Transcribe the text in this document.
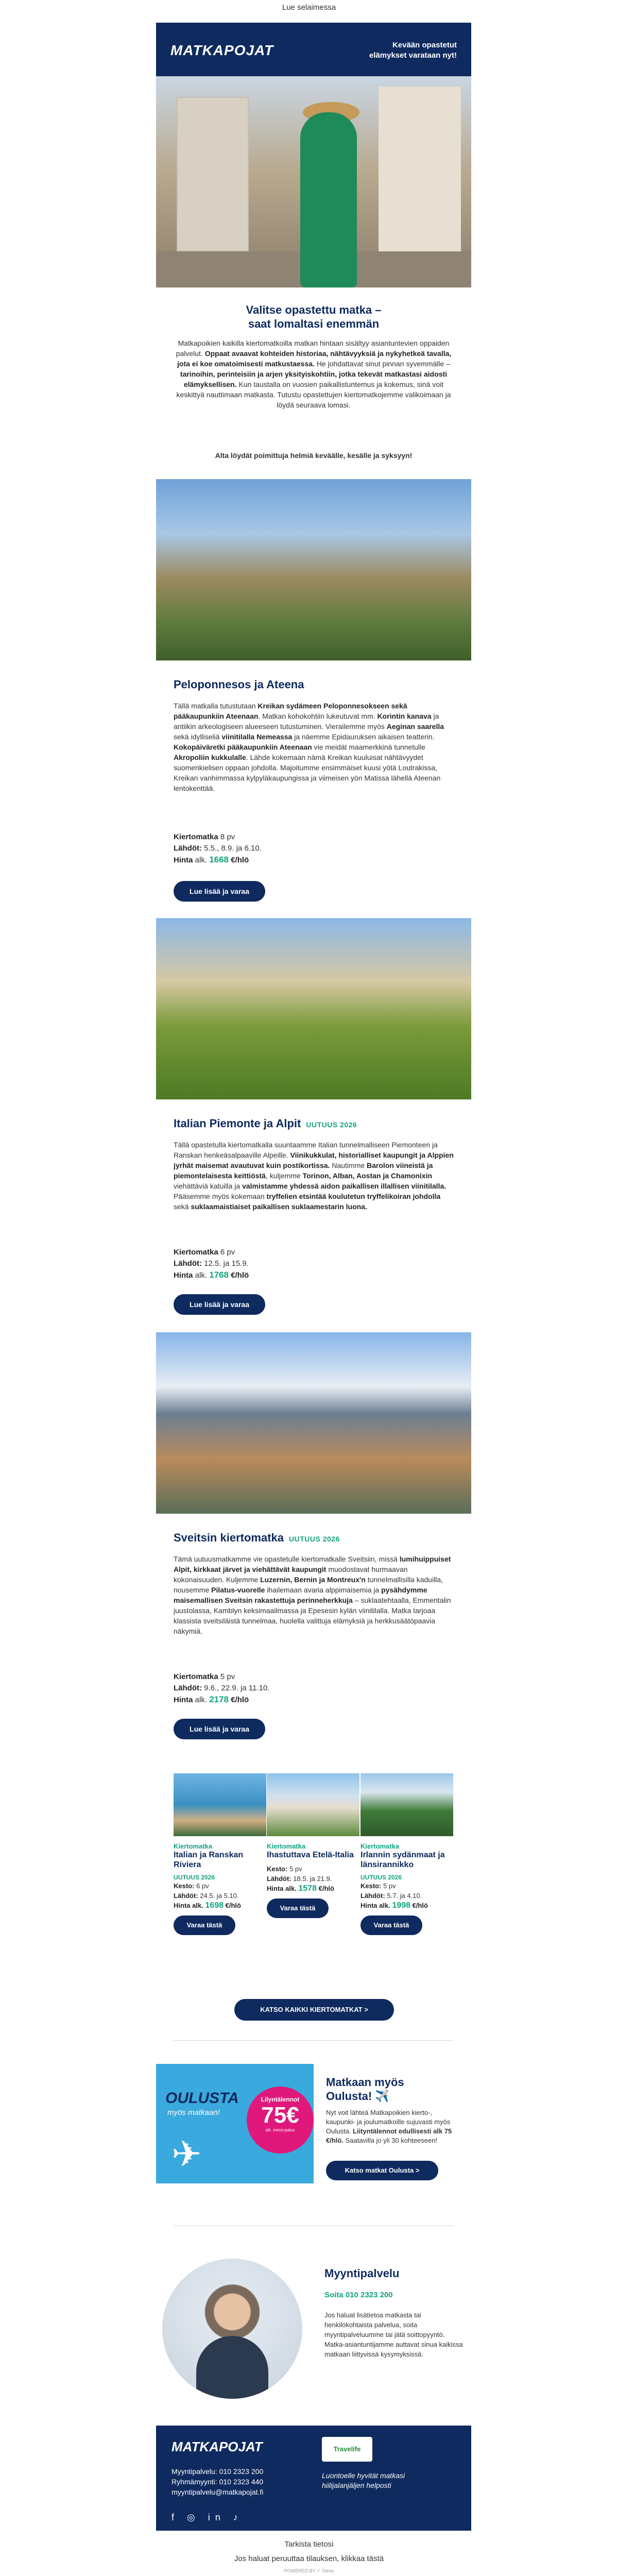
Lue selaimessa
MATKAPOJAT	Kevään opastetut elämykset varataan nyt!
Valitse opastettu matka –
saat lomaltasi enemmän
Matkapoikien kaikilla kiertomatkoilla matkan hintaan sisältyy asiantuntevien oppaiden palvelut. Oppaat avaavat kohteiden historiaa, nähtävyyksiä ja nykyhetkeä tavalla, jota ei koe omatoimisesti matkustaessa. He johdattavat sinut pinnan syvemmälle – tarinoihin, perinteisiin ja arjen yksityiskohtiin, jotka tekevät matkastasi aidosti elämyksellisen. Kun taustalla on vuosien paikallistuntemus ja kokemus, sinä voit keskittyä nauttimaan matkasta. Tutustu opastettujen kiertomatkojemme valikoimaan ja löydä seuraava lomasi.
Alta löydät poimittuja helmiä keväälle, kesälle ja syksyyn!
Peloponnesos ja Ateena
Tällä matkalla tutustutaan Kreikan sydämeen Peloponnesokseen sekä pääkaupunkiin Ateenaan. Matkan kohokohtiin lukeutuvat mm. Korintin kanava ja antiikin arkeologiseen alueeseen tutustuminen. Vierailemme myös Aeginan saarella sekä idylliseliä viinitilalla Nemeassa ja näemme Epidauruksen aikaisen teatterin. Kokopäiväretki pääkaupunkiin Ateenaan vie meidät maamerkkinä tunnetulle Akropoliin kukkulalle. Lähde kokemaan nämä Kreikan kuuluisat nähtävyydet suomenkielisen oppaan johdolla. Majoitumme ensimmäiset kuusi yötä Loutrakissa, Kreikan vanhimmassa kylpyläkaupungissa ja viimeisen yön Matissa lähellä Ateenan lentokenttää.
Kiertomatka 8 pv
Lähdöt: 5.5., 8.9. ja 6.10.
Hinta alk. 1668 €/hlö
Lue lisää ja varaa
Italian Piemonte ja Alpit UUTUUS 2026
Tällä opastetulla kiertomatkalla suuntaamme Italian tunnelmalliseen Piemonteen ja Ranskan henkeäsalpaaville Alpeille. Viinikukkulat, historialliset kaupungit ja Alppien jyrhät maisemat avautuvat kuin postikortissa. Nautimme Barolon viineistä ja piemontelaisesta keittiöstä, kuljemme Torinon, Alban, Aostan ja Chamonixin viehättäviä katuilla ja valmistamme yhdessä aidon paikallisen illallisen viinitilalla. Pääsemme myös kokemaan tryffelien etsintää koulutetun tryffelikoiran johdolla sekä suklaamaistiaiset paikallisen suklaamestarin luona.
Kiertomatka 6 pv
Lähdöt: 12.5. ja 15.9.
Hinta alk. 1768 €/hlö
Lue lisää ja varaa
Sveitsin kiertomatka UUTUUS 2026
Tämä uutuusmatkamme vie opastetulle kiertomatkalle Sveitsiin, missä lumihuippuiset Alpit, kirkkaat järvet ja viehättävät kaupungit muodostavat hurmaavan kokonaisuuden. Kuljemme Luzernin, Bernin ja Montreux'n tunnelmallisilla kaduilla, nousemme Pilatus-vuorelle ihailemaan avaria alppimaisemia ja pysähdymme maisemallisen Sveitsin rakastettuja perinneherkkuja – suklaatehtaalla, Emmentalin juustolassa, Kamblyn keksimaailmassa ja Epesesin kylän viinitilalla. Matka tarjoaa klassista sveitsiläistä tunnelmaa, huolella valittuja elämyksiä ja herkkusäätöpaavia näkymiä.
Kiertomatka 5 pv
Lähdöt: 9.6., 22.9. ja 11.10.
Hinta alk. 2178 €/hlö
Lue lisää ja varaa
Kiertomatka
Italian ja Ranskan Riviera
UUTUUS 2026
Kesto: 6 pv
Lähdöt: 24.5. ja 5.10.
Hinta alk. 1698 €/hlö
Varaa tästä
Kiertomatka
Ihastuttava Etelä-Italia
Kesto: 5 pv
Lähdöt: 18.5. ja 21.9.
Hinta alk. 1578 €/hlö
Varaa tästä
Kiertomatka
Irlannin sydänmaat ja länsirannikko
UUTUUS 2026
Kesto: 5 pv
Lähdöt: 5.7. ja 4.10.
Hinta alk. 1998 €/hlö
Varaa tästä
KATSO KAIKKI KIERTOMATKAT >
OULUSTA
myös matkaan!
✈
Lilyntälennot
75€
alk. meno-paluu
Matkaan myös
Oulusta! ✈️
Nyt voit lähteä Matkapoikien kierto-, kaupunki- ja joulumatkoille sujuvasti myös Oulusta. Liityntälennot edullisesti alk 75 €/hlö. Saatavilla jo yli 30 kohteeseen!
Katso matkat Oulusta >
Myyntipalvelu
Soita 010 2323 200
Jos haluat lisätietoa matkasta tai henkilökohtaista palvelua, soita myyntipalveluumme tai jätä soittopyyntö. Matka-asiantuntijamme auttavat sinua kaikissa matkaan liittyvissä kysymyksissä.
MATKAPOJAT
Myyntipalvelu: 010 2323 200
Ryhmämyynti: 010 2323 440
myyntipalvelu@matkapojat.fi
f ◎ in ♪
Travelife
Luontoelle hyvität matkasi hiilijalanjäljen helposti
Tarkista tietosi
Jos haluat peruuttaa tilauksen, klikkaa tästä
POWERED BY ✓ Sitma
